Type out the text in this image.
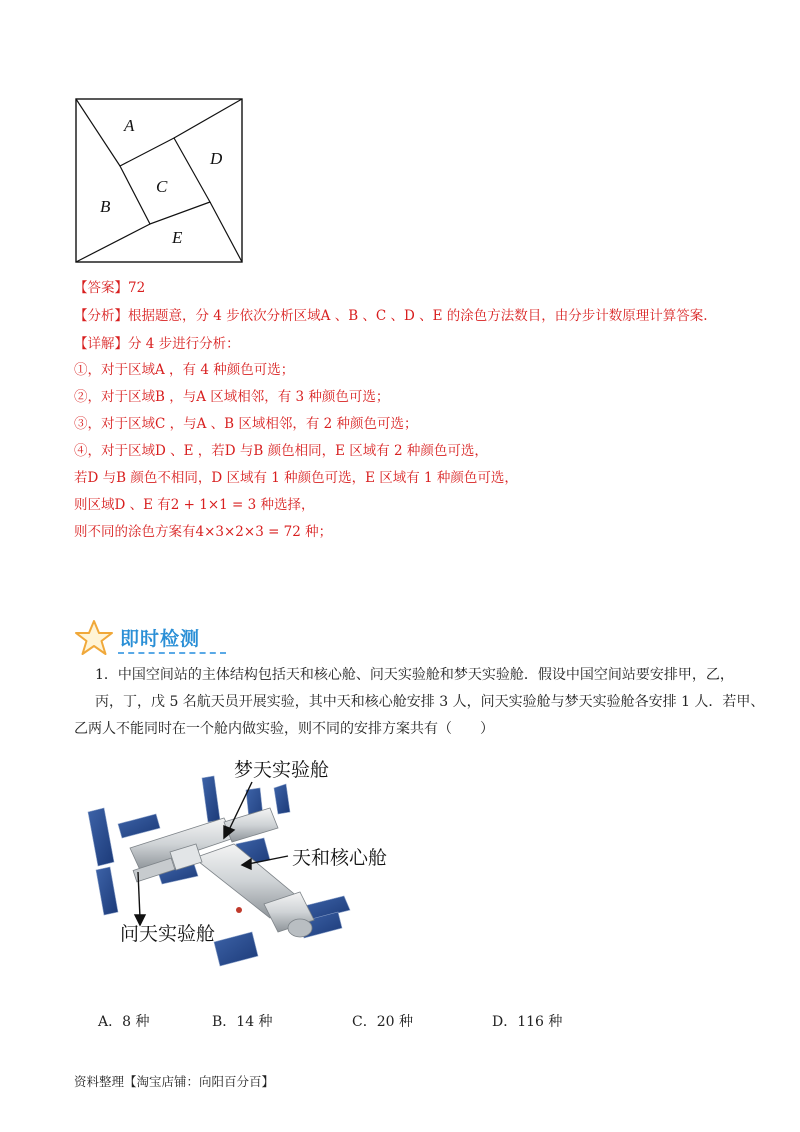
A
D
C
B
E
【答案】72
【分析】根据题意，分 4 步依次分析区域A 、B 、C 、D 、E 的涂色方法数目，由分步计数原理计算答案.
【详解】分 4 步进行分析：
①，对于区域A ，有 4 种颜色可选；
②，对于区域B ，与A 区域相邻，有 3 种颜色可选；
③，对于区域C ，与A 、B 区域相邻，有 2 种颜色可选；
④，对于区域D 、E ，若D 与B 颜色相同，E 区域有 2 种颜色可选，
若D 与B 颜色不相同，D 区域有 1 种颜色可选，E 区域有 1 种颜色可选，
则区域D 、E 有2 + 1×1 = 3 种选择，
则不同的涂色方案有4×3×2×3 = 72 种；
即时检测
1．中国空间站的主体结构包括天和核心舱、问天实验舱和梦天实验舱．假设中国空间站要安排甲，乙，
丙，丁，戊 5 名航天员开展实验，其中天和核心舱安排 3 人，问天实验舱与梦天实验舱各安排 1 人．若甲、
乙两人不能同时在一个舱内做实验，则不同的安排方案共有（　　）
梦天实验舱
天和核心舱
问天实验舱
A．8 种	B．14 种	C．20 种	D．116 种
资料整理【淘宝店铺：向阳百分百】
